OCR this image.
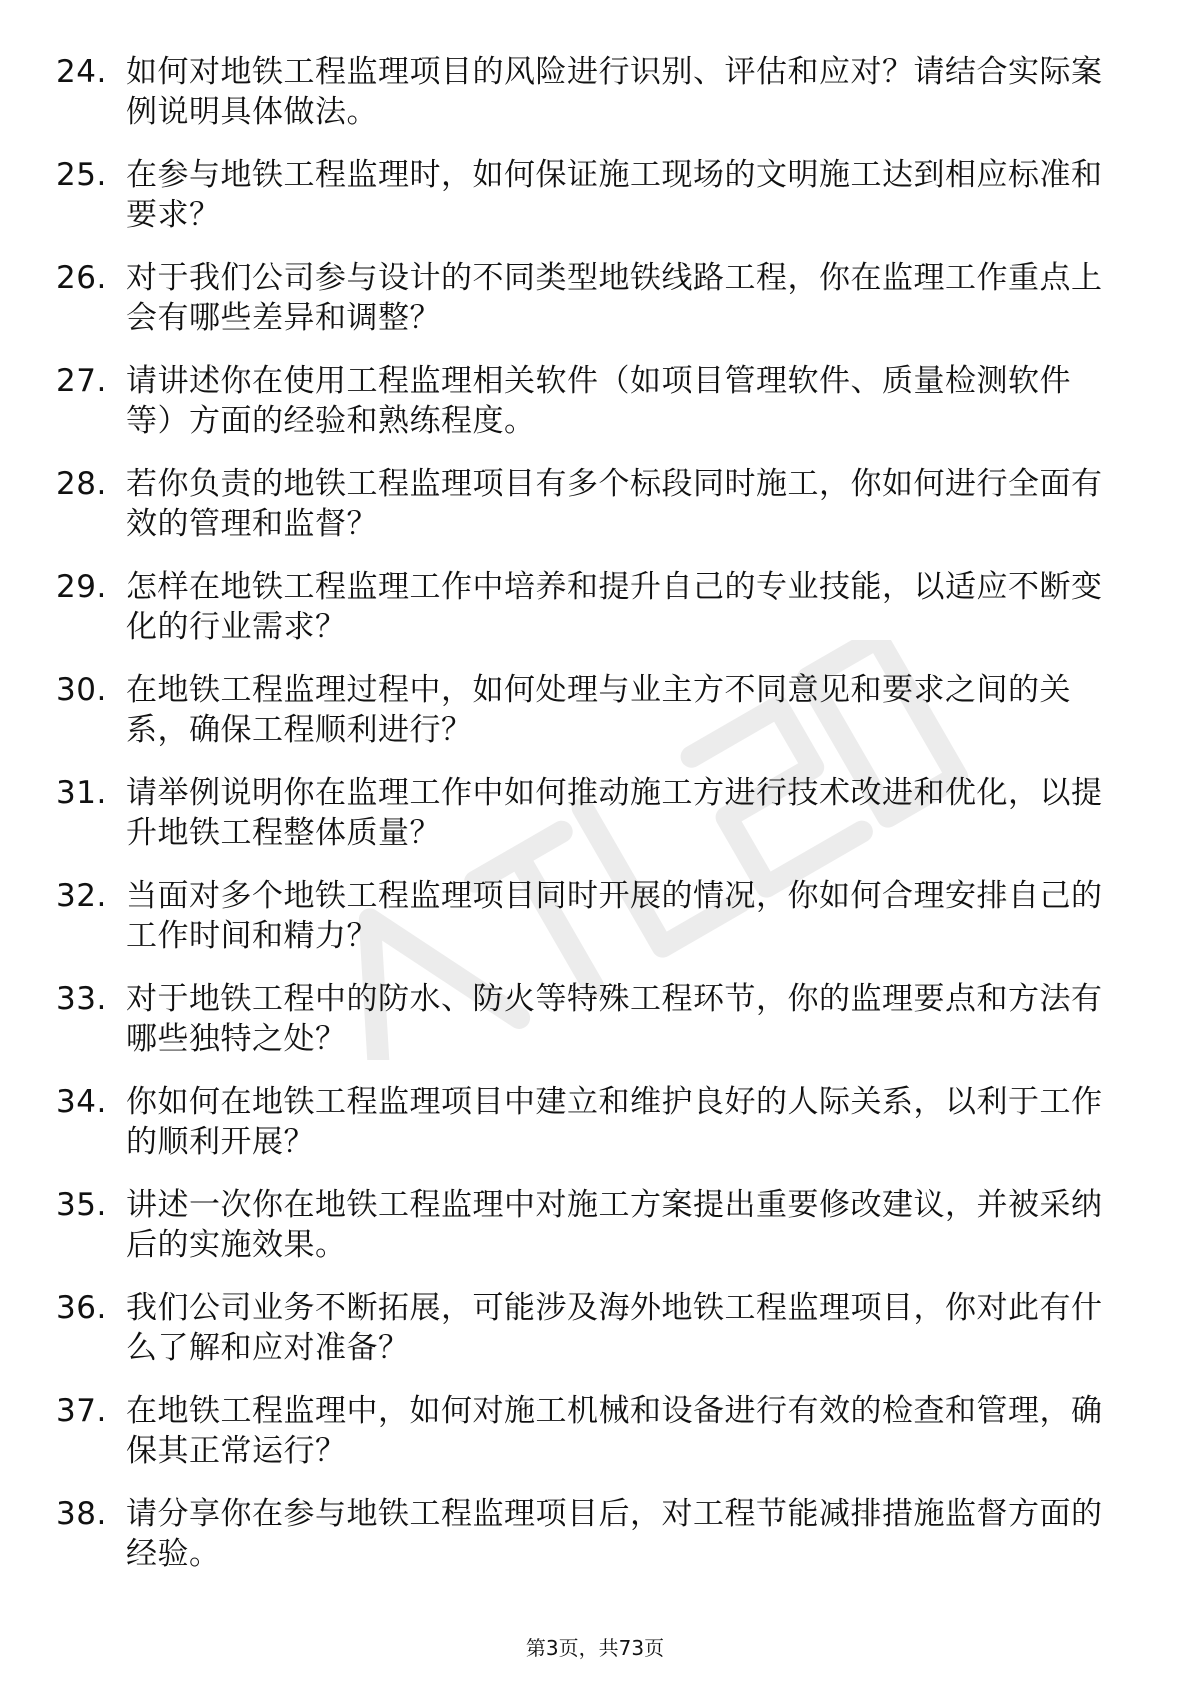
24. 如何对地铁工程监理项目的风险进行识别、评估和应对？请结合实际案例说明具体做法。
25. 在参与地铁工程监理时，如何保证施工现场的文明施工达到相应标准和要求？
26. 对于我们公司参与设计的不同类型地铁线路工程，你在监理工作重点上会有哪些差异和调整？
27. 请讲述你在使用工程监理相关软件（如项目管理软件、质量检测软件等）方面的经验和熟练程度。
28. 若你负责的地铁工程监理项目有多个标段同时施工，你如何进行全面有效的管理和监督？
29. 怎样在地铁工程监理工作中培养和提升自己的专业技能，以适应不断变化的行业需求？
30. 在地铁工程监理过程中，如何处理与业主方不同意见和要求之间的关系，确保工程顺利进行？
31. 请举例说明你在监理工作中如何推动施工方进行技术改进和优化，以提升地铁工程整体质量？
32. 当面对多个地铁工程监理项目同时开展的情况，你如何合理安排自己的工作时间和精力？
33. 对于地铁工程中的防水、防火等特殊工程环节，你的监理要点和方法有哪些独特之处？
34. 你如何在地铁工程监理项目中建立和维护良好的人际关系，以利于工作的顺利开展？
35. 讲述一次你在地铁工程监理中对施工方案提出重要修改建议，并被采纳后的实施效果。
36. 我们公司业务不断拓展，可能涉及海外地铁工程监理项目，你对此有什么了解和应对准备？
37. 在地铁工程监理中，如何对施工机械和设备进行有效的检查和管理，确保其正常运行？
38. 请分享你在参与地铁工程监理项目后，对工程节能减排措施监督方面的经验。
第3页，共73页
